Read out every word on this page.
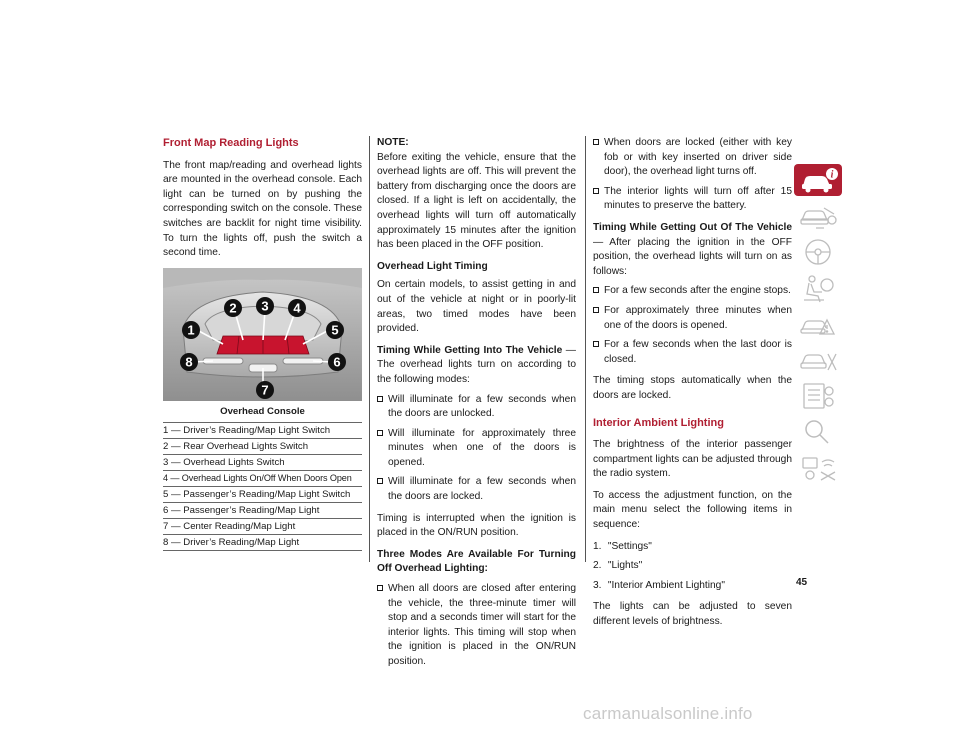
Front Map Reading Lights

The front map/reading and overhead lights are mounted in the overhead console. Each light can be turned on by pushing the corresponding switch on the console. These switches are backlit for night time visibility. To turn the lights off, push the switch a second time.

1
2 3 4
5
6
7
8
Overhead Console
1 — Driver’s Reading/Map Light Switch
2 — Rear Overhead Lights Switch
3 — Overhead Lights Switch
4 — Overhead Lights On/Off When Doors Open
5 — Passenger’s Reading/Map Light Switch
6 — Passenger’s Reading/Map Light
7 — Center Reading/Map Light
8 — Driver’s Reading/Map Light
NOTE:

Before exiting the vehicle, ensure that the overhead lights are off. This will prevent the battery from discharging once the doors are closed. If a light is left on accidentally, the overhead lights will turn off automatically approximately 15 minutes after the ignition has been placed in the OFF position.

Overhead Light Timing

On certain models, to assist getting in and out of the vehicle at night or in poorly-lit areas, two timed modes have been provided.

Timing While Getting Into The Vehicle — The overhead lights turn on according to the following modes:

Will illuminate for a few seconds when the doors are unlocked.
Will illuminate for approximately three minutes when one of the doors is opened.
Will illuminate for a few seconds when the doors are locked.

Timing is interrupted when the ignition is placed in the ON/RUN position.

Three Modes Are Available For Turning Off Overhead Lighting:

When all doors are closed after entering the vehicle, the three-minute timer will stop and a seconds timer will start for the interior lights. This timing will stop when the ignition is placed in the ON/RUN position.
When doors are locked (either with key fob or with key inserted on driver side door), the overhead light turns off.
The interior lights will turn off after 15 minutes to preserve the battery.

Timing While Getting Out Of The Vehicle — After placing the ignition in the OFF position, the overhead lights will turn on as follows:

For a few seconds after the engine stops.
For approximately three minutes when one of the doors is opened.
For a few seconds when the last door is closed.

The timing stops automatically when the doors are locked.

Interior Ambient Lighting

The brightness of the interior passenger compartment lights can be adjusted through the radio system.

To access the adjustment function, on the main menu select the following items in sequence:

1. "Settings"
2. "Lights"
3. "Interior Ambient Lighting"

The lights can be adjusted to seven different levels of brightness.

45
i
carmanualsonline.info
